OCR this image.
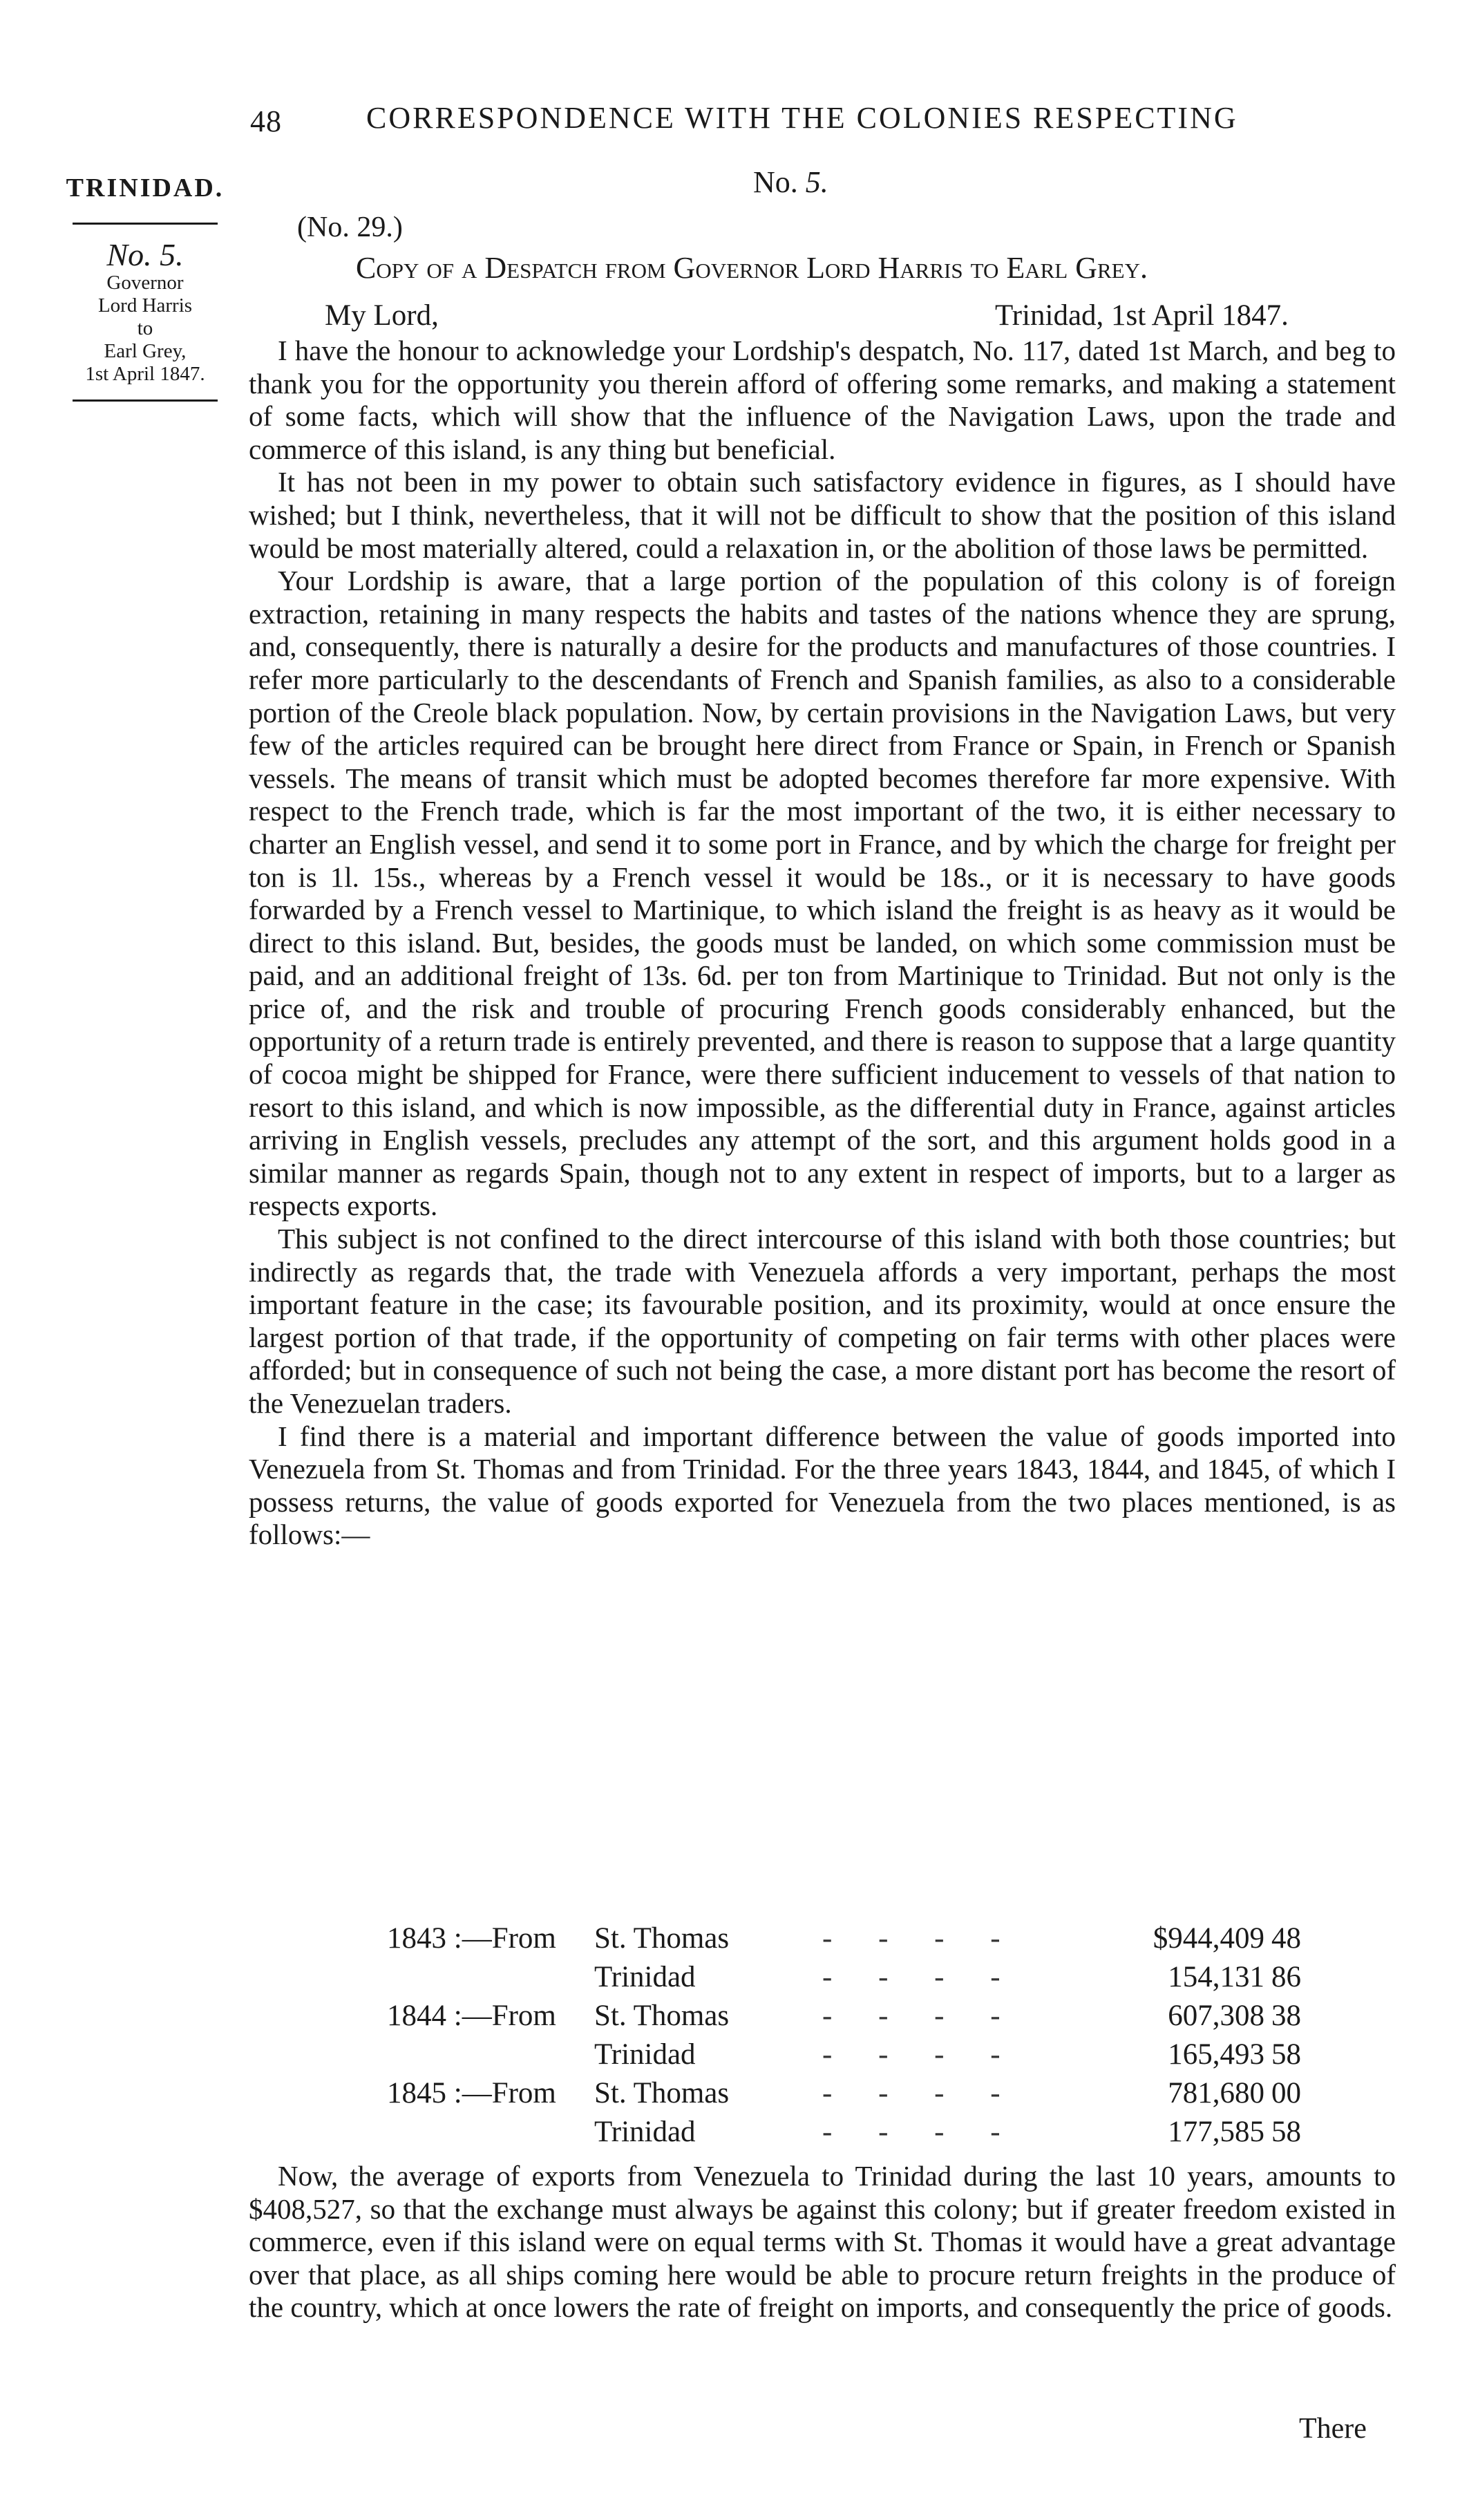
48	CORRESPONDENCE WITH THE COLONIES RESPECTING
TRINIDAD.
No. 5.
Governor
Lord Harris
to
Earl Grey,
1st April 1847.
No. 5.
(No. 29.)
Copy of a Despatch from Governor Lord Harris to Earl Grey.
My Lord,	Trinidad, 1st April 1847.

I have the honour to acknowledge your Lordship's despatch, No. 117, dated 1st March, and beg to thank you for the opportunity you therein afford of offering some remarks, and making a statement of some facts, which will show that the influence of the Navigation Laws, upon the trade and commerce of this island, is any thing but beneficial.

It has not been in my power to obtain such satisfactory evidence in figures, as I should have wished; but I think, nevertheless, that it will not be difficult to show that the position of this island would be most materially altered, could a relaxation in, or the abolition of those laws be permitted.

Your Lordship is aware, that a large portion of the population of this colony is of foreign extraction, retaining in many respects the habits and tastes of the nations whence they are sprung, and, consequently, there is naturally a desire for the products and manufactures of those countries. I refer more particularly to the descendants of French and Spanish families, as also to a considerable portion of the Creole black population. Now, by certain provisions in the Navigation Laws, but very few of the articles required can be brought here direct from France or Spain, in French or Spanish vessels. The means of transit which must be adopted becomes therefore far more expensive. With respect to the French trade, which is far the most important of the two, it is either necessary to charter an English vessel, and send it to some port in France, and by which the charge for freight per ton is 1l. 15s., whereas by a French vessel it would be 18s., or it is necessary to have goods forwarded by a French vessel to Martinique, to which island the freight is as heavy as it would be direct to this island. But, besides, the goods must be landed, on which some commission must be paid, and an additional freight of 13s. 6d. per ton from Martinique to Trinidad. But not only is the price of, and the risk and trouble of procuring French goods considerably enhanced, but the opportunity of a return trade is entirely prevented, and there is reason to suppose that a large quantity of cocoa might be shipped for France, were there sufficient inducement to vessels of that nation to resort to this island, and which is now impossible, as the differential duty in France, against articles arriving in English vessels, precludes any attempt of the sort, and this argument holds good in a similar manner as regards Spain, though not to any extent in respect of imports, but to a larger as respects exports.

This subject is not confined to the direct intercourse of this island with both those countries; but indirectly as regards that, the trade with Venezuela affords a very important, perhaps the most important feature in the case; its favourable position, and its proximity, would at once ensure the largest portion of that trade, if the opportunity of competing on fair terms with other places were afforded; but in consequence of such not being the case, a more distant port has become the resort of the Venezuelan traders.

I find there is a material and important difference between the value of goods imported into Venezuela from St. Thomas and from Trinidad. For the three years 1843, 1844, and 1845, of which I possess returns, the value of goods exported for Venezuela from the two places mentioned, is as follows:—

1843 :—From	St. Thomas	- - - -	$944,409 48
Trinidad	- - - -	154,131 86
1844 :—From	St. Thomas	- - - -	607,308 38
Trinidad	- - - -	165,493 58
1845 :—From	St. Thomas	- - - -	781,680 00
Trinidad	- - - -	177,585 58

Now, the average of exports from Venezuela to Trinidad during the last 10 years, amounts to $408,527, so that the exchange must always be against this colony; but if greater freedom existed in commerce, even if this island were on equal terms with St. Thomas it would have a great advantage over that place, as all ships coming here would be able to procure return freights in the produce of the country, which at once lowers the rate of freight on imports, and consequently the price of goods.

There
